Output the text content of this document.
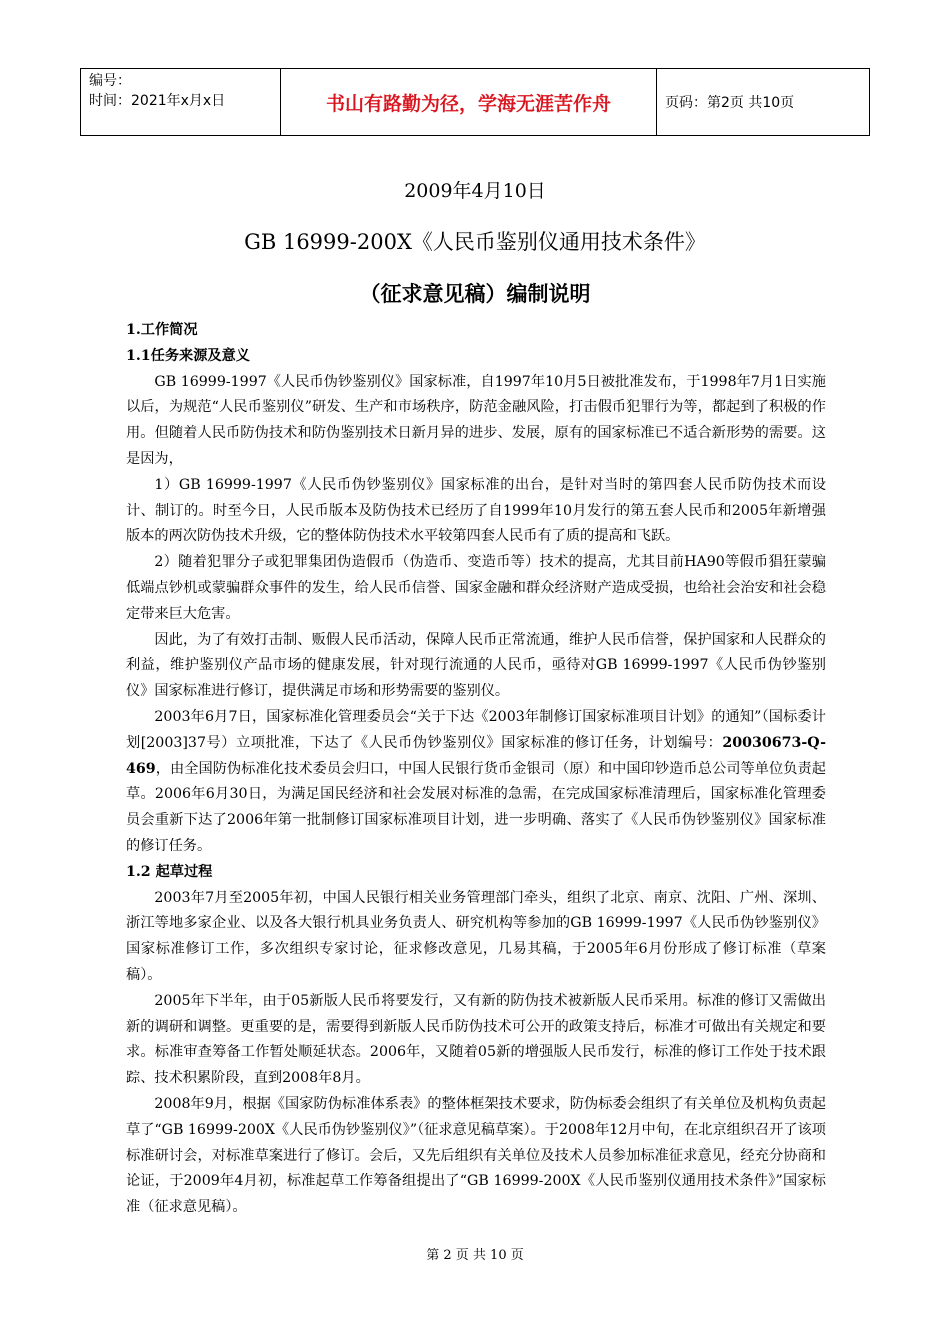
编号：
时间：2021年x月x日	书山有路勤为径，学海无涯苦作舟	页码：第2页 共10页
2009年4月10日
GB 16999-200X《人民币鉴别仪通用技术条件》
（征求意见稿）编制说明
1.工作简况
1.1任务来源及意义

GB 16999-1997《人民币伪钞鉴别仪》国家标准，自1997年10月5日被批准发布，于1998年7月1日实施以后，为规范“人民币鉴别仪”研发、生产和市场秩序，防范金融风险，打击假币犯罪行为等，都起到了积极的作用。但随着人民币防伪技术和防伪鉴别技术日新月异的进步、发展，原有的国家标准已不适合新形势的需要。这是因为，

1）GB 16999-1997《人民币伪钞鉴别仪》国家标准的出台，是针对当时的第四套人民币防伪技术而设计、制订的。时至今日，人民币版本及防伪技术已经历了自1999年10月发行的第五套人民币和2005年新增强版本的两次防伪技术升级，它的整体防伪技术水平较第四套人民币有了质的提高和飞跃。

2）随着犯罪分子或犯罪集团伪造假币（伪造币、变造币等）技术的提高，尤其目前HA90等假币猖狂蒙骗低端点钞机或蒙骗群众事件的发生，给人民币信誉、国家金融和群众经济财产造成受损，也给社会治安和社会稳定带来巨大危害。

因此，为了有效打击制、贩假人民币活动，保障人民币正常流通，维护人民币信誉，保护国家和人民群众的利益，维护鉴别仪产品市场的健康发展，针对现行流通的人民币，亟待对GB 16999-1997《人民币伪钞鉴别仪》国家标准进行修订，提供满足市场和形势需要的鉴别仪。

2003年6月7日，国家标准化管理委员会“关于下达《2003年制修订国家标准项目计划》的通知”（国标委计划[2003]37号）立项批准，下达了《人民币伪钞鉴别仪》国家标准的修订任务，计划编号：20030673-Q-469，由全国防伪标准化技术委员会归口，中国人民银行货币金银司（原）和中国印钞造币总公司等单位负责起草。2006年6月30日，为满足国民经济和社会发展对标准的急需，在完成国家标准清理后，国家标准化管理委员会重新下达了2006年第一批制修订国家标准项目计划，进一步明确、落实了《人民币伪钞鉴别仪》国家标准的修订任务。

1.2 起草过程

2003年7月至2005年初，中国人民银行相关业务管理部门牵头，组织了北京、南京、沈阳、广州、深圳、浙江等地多家企业、以及各大银行机具业务负责人、研究机构等参加的GB 16999-1997《人民币伪钞鉴别仪》国家标准修订工作，多次组织专家讨论，征求修改意见，几易其稿，于2005年6月份形成了修订标准（草案稿）。

2005年下半年，由于05新版人民币将要发行，又有新的防伪技术被新版人民币采用。标准的修订又需做出新的调研和调整。更重要的是，需要得到新版人民币防伪技术可公开的政策支持后，标准才可做出有关规定和要求。标准审查筹备工作暂处顺延状态。2006年，又随着05新的增强版人民币发行，标准的修订工作处于技术跟踪、技术积累阶段，直到2008年8月。

2008年9月，根据《国家防伪标准体系表》的整体框架技术要求，防伪标委会组织了有关单位及机构负责起草了“GB 16999-200X《人民币伪钞鉴别仪》”（征求意见稿草案）。于2008年12月中旬，在北京组织召开了该项标准研讨会，对标准草案进行了修订。会后，又先后组织有关单位及技术人员参加标准征求意见，经充分协商和论证，于2009年4月初，标准起草工作筹备组提出了“GB 16999-200X《人民币鉴别仪通用技术条件》”国家标准（征求意见稿）。

第 2 页 共 10 页
